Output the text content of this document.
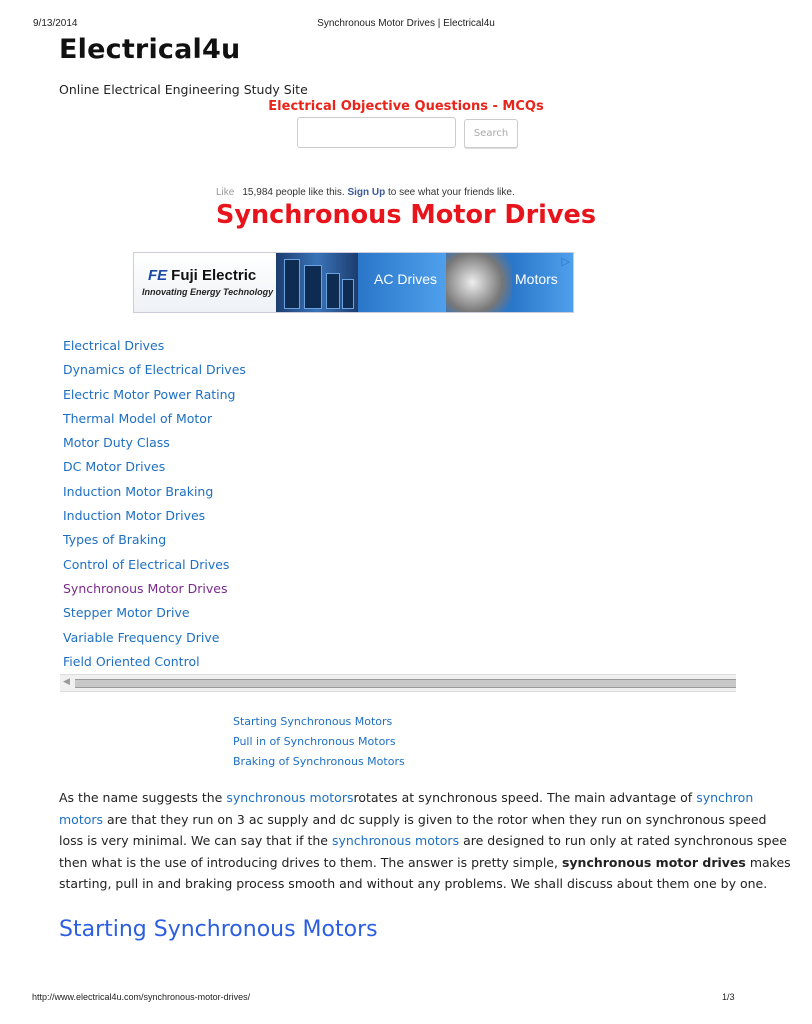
9/13/2014	Synchronous Motor Drives | Electrical4u
Electrical4u
Online Electrical Engineering Study Site
Electrical Objective Questions - MCQs
Search
Like 15,984 people like this. Sign Up to see what your friends like.
Synchronous Motor Drives
FE Fuji Electric
Innovating Energy Technology
AC Drives	Motors
▷
Electrical Drives
Dynamics of Electrical Drives
Electric Motor Power Rating
Thermal Model of Motor
Motor Duty Class
DC Motor Drives
Induction Motor Braking
Induction Motor Drives
Types of Braking
Control of Electrical Drives
Synchronous Motor Drives
Stepper Motor Drive
Variable Frequency Drive
Field Oriented Control
◀
Starting Synchronous Motors
Pull in of Synchronous Motors
Braking of Synchronous Motors
As the name suggests the synchronous motorsrotates at synchronous speed. The main advantage of synchron
motors are that they run on 3 ac supply and dc supply is given to the rotor when they run on synchronous speed
loss is very minimal. We can say that if the synchronous motors are designed to run only at rated synchronous spee
then what is the use of introducing drives to them. The answer is pretty simple, synchronous motor drives makes
starting, pull in and braking process smooth and without any problems. We shall discuss about them one by one.
Starting Synchronous Motors
http://www.electrical4u.com/synchronous-motor-drives/	1/3
